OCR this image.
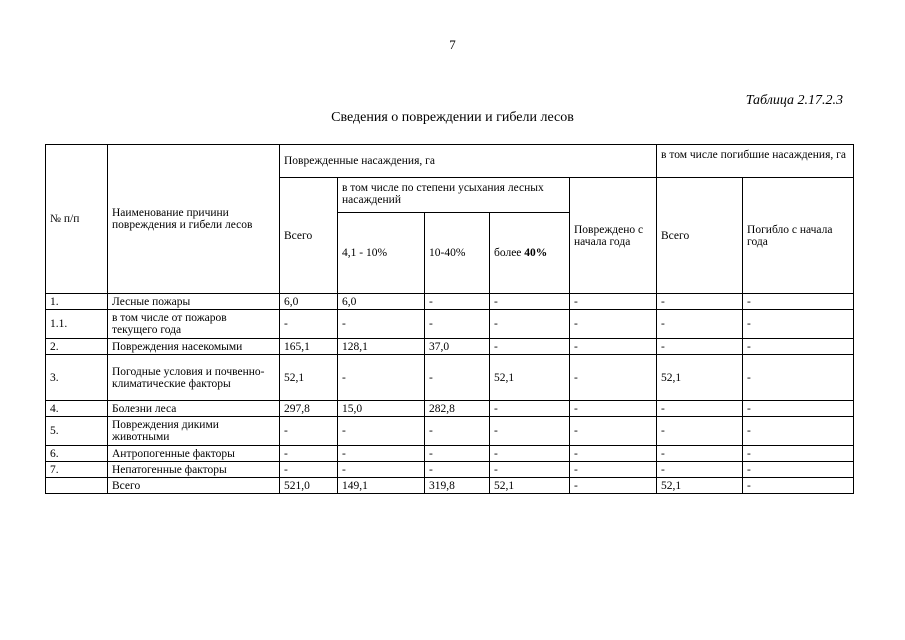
7
Таблица 2.17.2.3
Сведения о повреждении и гибели лесов
№ п/п	Наименование причини повреждения и гибели лесов	Поврежденные насаждения, га					в том числе погибшие насаждения, га	
		Всего	в том числе по степени усыхания лесных насаждений			Повреждено с начала года	Всего	Погибло с начала года
			4,1 - 10%	10-40%	более 40%			
1.	Лесные пожары	6,0	6,0	-	-	-	-	-
1.1.	в том числе от пожаров текущего года	-	-	-	-	-	-	-
2.	Повреждения насекомыми	165,1	128,1	37,0	-	-	-	-
3.	Погодные условия и почвенно-климатические факторы	52,1	-	-	52,1	-	52,1	-
4.	Болезни леса	297,8	15,0	282,8	-	-	-	-
5.	Повреждения дикими животными	-	-	-	-	-	-	-
6.	Антропогенные факторы	-	-	-	-	-	-	-
7.	Непатогенные факторы	-	-	-	-	-	-	-
	Всего	521,0	149,1	319,8	52,1	-	52,1	-
